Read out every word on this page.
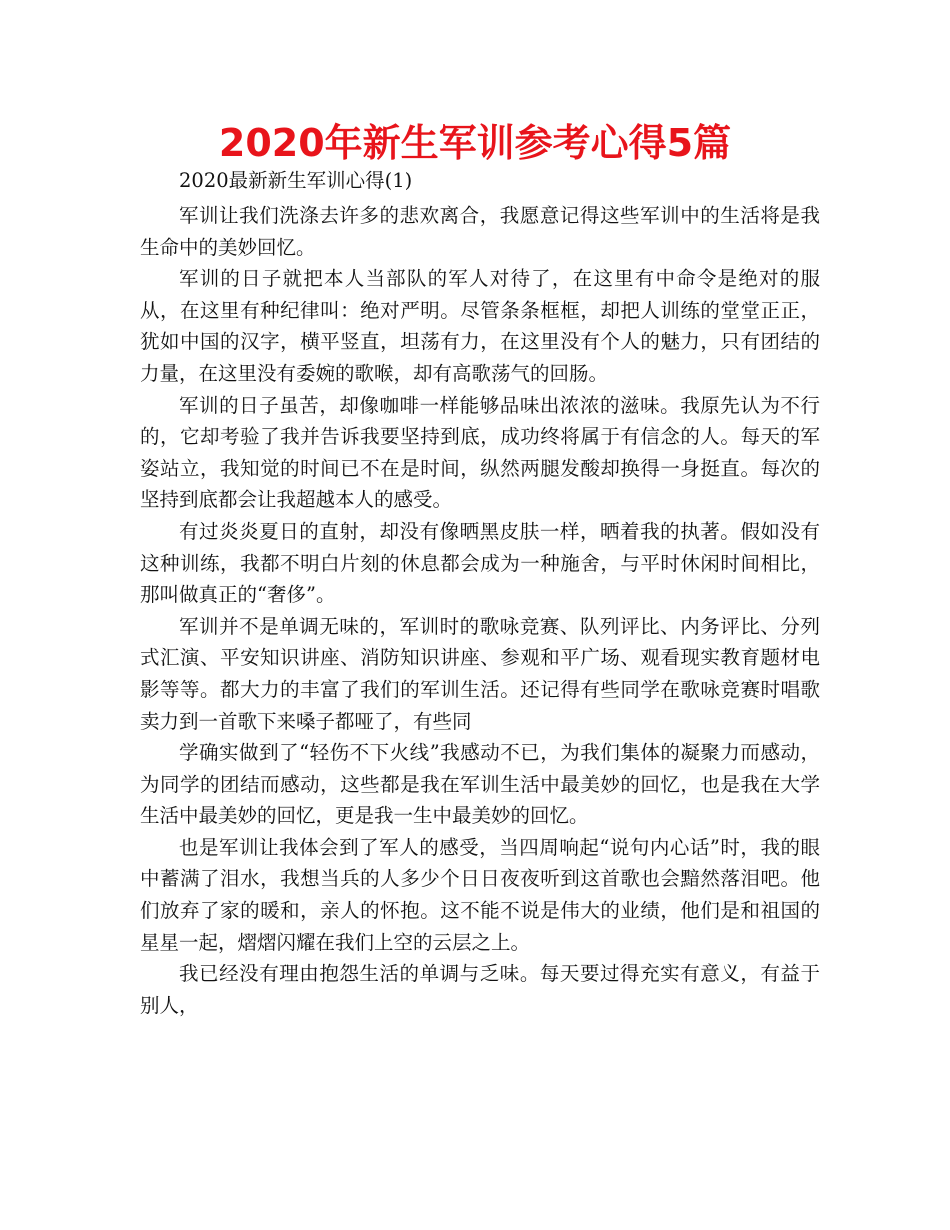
2020年新生军训参考心得5篇

2020最新新生军训心得(1)

军训让我们洗涤去许多的悲欢离合，我愿意记得这些军训中的生活将是我生命中的美妙回忆。

军训的日子就把本人当部队的军人对待了，在这里有中命令是绝对的服从，在这里有种纪律叫：绝对严明。尽管条条框框，却把人训练的堂堂正正，犹如中国的汉字，横平竖直，坦荡有力，在这里没有个人的魅力，只有团结的力量，在这里没有委婉的歌喉，却有高歌荡气的回肠。

军训的日子虽苦，却像咖啡一样能够品味出浓浓的滋味。我原先认为不行的，它却考验了我并告诉我要坚持到底，成功终将属于有信念的人。每天的军姿站立，我知觉的时间已不在是时间，纵然两腿发酸却换得一身挺直。每次的坚持到底都会让我超越本人的感受。

有过炎炎夏日的直射，却没有像晒黑皮肤一样，晒着我的执著。假如没有这种训练，我都不明白片刻的休息都会成为一种施舍，与平时休闲时间相比，那叫做真正的“奢侈”。

军训并不是单调无味的，军训时的歌咏竞赛、队列评比、内务评比、分列式汇演、平安知识讲座、消防知识讲座、参观和平广场、观看现实教育题材电影等等。都大力的丰富了我们的军训生活。还记得有些同学在歌咏竞赛时唱歌卖力到一首歌下来嗓子都哑了，有些同

学确实做到了“轻伤不下火线”我感动不已，为我们集体的凝聚力而感动，为同学的团结而感动，这些都是我在军训生活中最美妙的回忆，也是我在大学生活中最美妙的回忆，更是我一生中最美妙的回忆。

也是军训让我体会到了军人的感受，当四周响起“说句内心话”时，我的眼中蓄满了泪水，我想当兵的人多少个日日夜夜听到这首歌也会黯然落泪吧。他们放弃了家的暖和，亲人的怀抱。这不能不说是伟大的业绩，他们是和祖国的星星一起，熠熠闪耀在我们上空的云层之上。

我已经没有理由抱怨生活的单调与乏味。每天要过得充实有意义，有益于别人，
